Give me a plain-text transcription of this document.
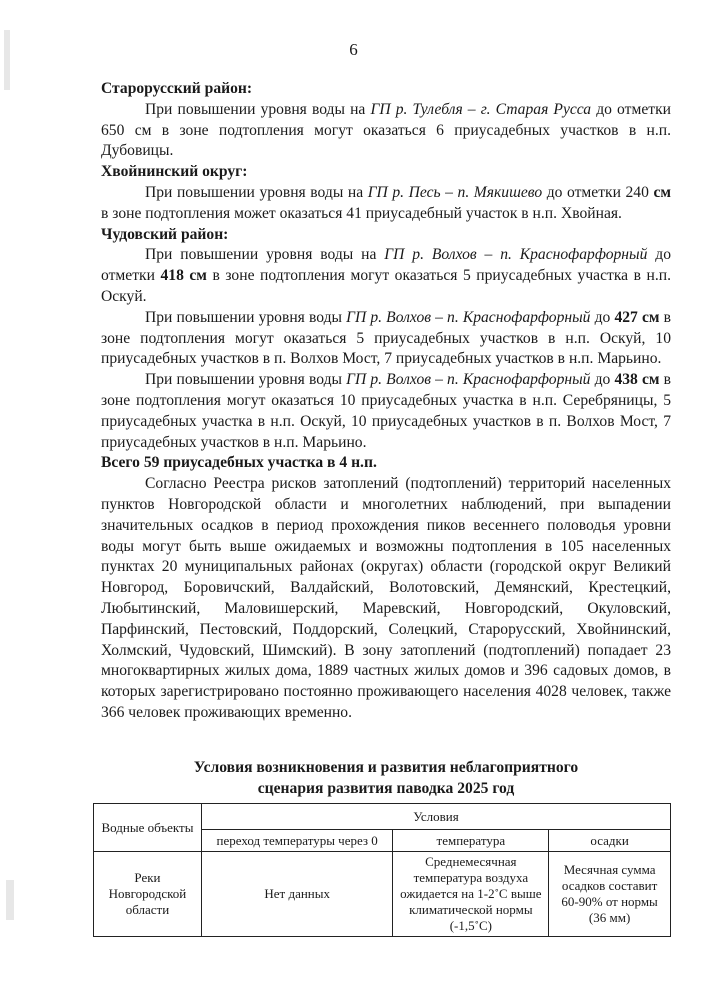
6

Старорусский район:

При повышении уровня воды на ГП р. Тулебля – г. Старая Русса до отметки 650 см в зоне подтопления могут оказаться 6 приусадебных участков в н.п. Дубовицы.

Хвойнинский округ:

При повышении уровня воды на ГП р. Песь – п. Мякишево до отметки 240 см в зоне подтопления может оказаться 41 приусадебный участок в н.п. Хвойная.

Чудовский район:

При повышении уровня воды на ГП р. Волхов – п. Краснофарфорный до отметки 418 см в зоне подтопления могут оказаться 5 приусадебных участка в н.п. Оскуй.

При повышении уровня воды ГП р. Волхов – п. Краснофарфорный до 427 см в зоне подтопления могут оказаться 5 приусадебных участков в н.п. Оскуй, 10 приусадебных участков в п. Волхов Мост, 7 приусадебных участков в н.п. Марьино.

При повышении уровня воды ГП р. Волхов – п. Краснофарфорный до 438 см в зоне подтопления могут оказаться 10 приусадебных участка в н.п. Серебряницы, 5 приусадебных участка в н.п. Оскуй, 10 приусадебных участков в п. Волхов Мост, 7 приусадебных участков в н.п. Марьино.

Всего 59 приусадебных участка в 4 н.п.

Согласно Реестра рисков затоплений (подтоплений) территорий населенных пунктов Новгородской области и многолетних наблюдений, при выпадении значительных осадков в период прохождения пиков весеннего половодья уровни воды могут быть выше ожидаемых и возможны подтопления в 105 населенных пунктах 20 муниципальных районах (округах) области (городской округ Великий Новгород, Боровичский, Валдайский, Волотовский, Демянский, Крестецкий, Любытинский, Маловишерский, Маревский, Новгородский, Окуловский, Парфинский, Пестовский, Поддорский, Солецкий, Старорусский, Хвойнинский, Холмский, Чудовский, Шимский). В зону затоплений (подтоплений) попадает 23 многоквартирных жилых дома, 1889 частных жилых домов и 396 садовых домов, в которых зарегистрировано постоянно проживающего населения 4028 человек, также 366 человек проживающих временно.

Условия возникновения и развития неблагоприятного
сценария развития паводка 2025 год
Водные объекты	Условия		
	переход температуры через 0	температура	осадки
Реки Новгородской области	Нет данных	Среднемесячная температура воздуха ожидается на 1-2˚С выше климатической нормы (-1,5˚С)	Месячная сумма осадков составит 60-90% от нормы (36 мм)
